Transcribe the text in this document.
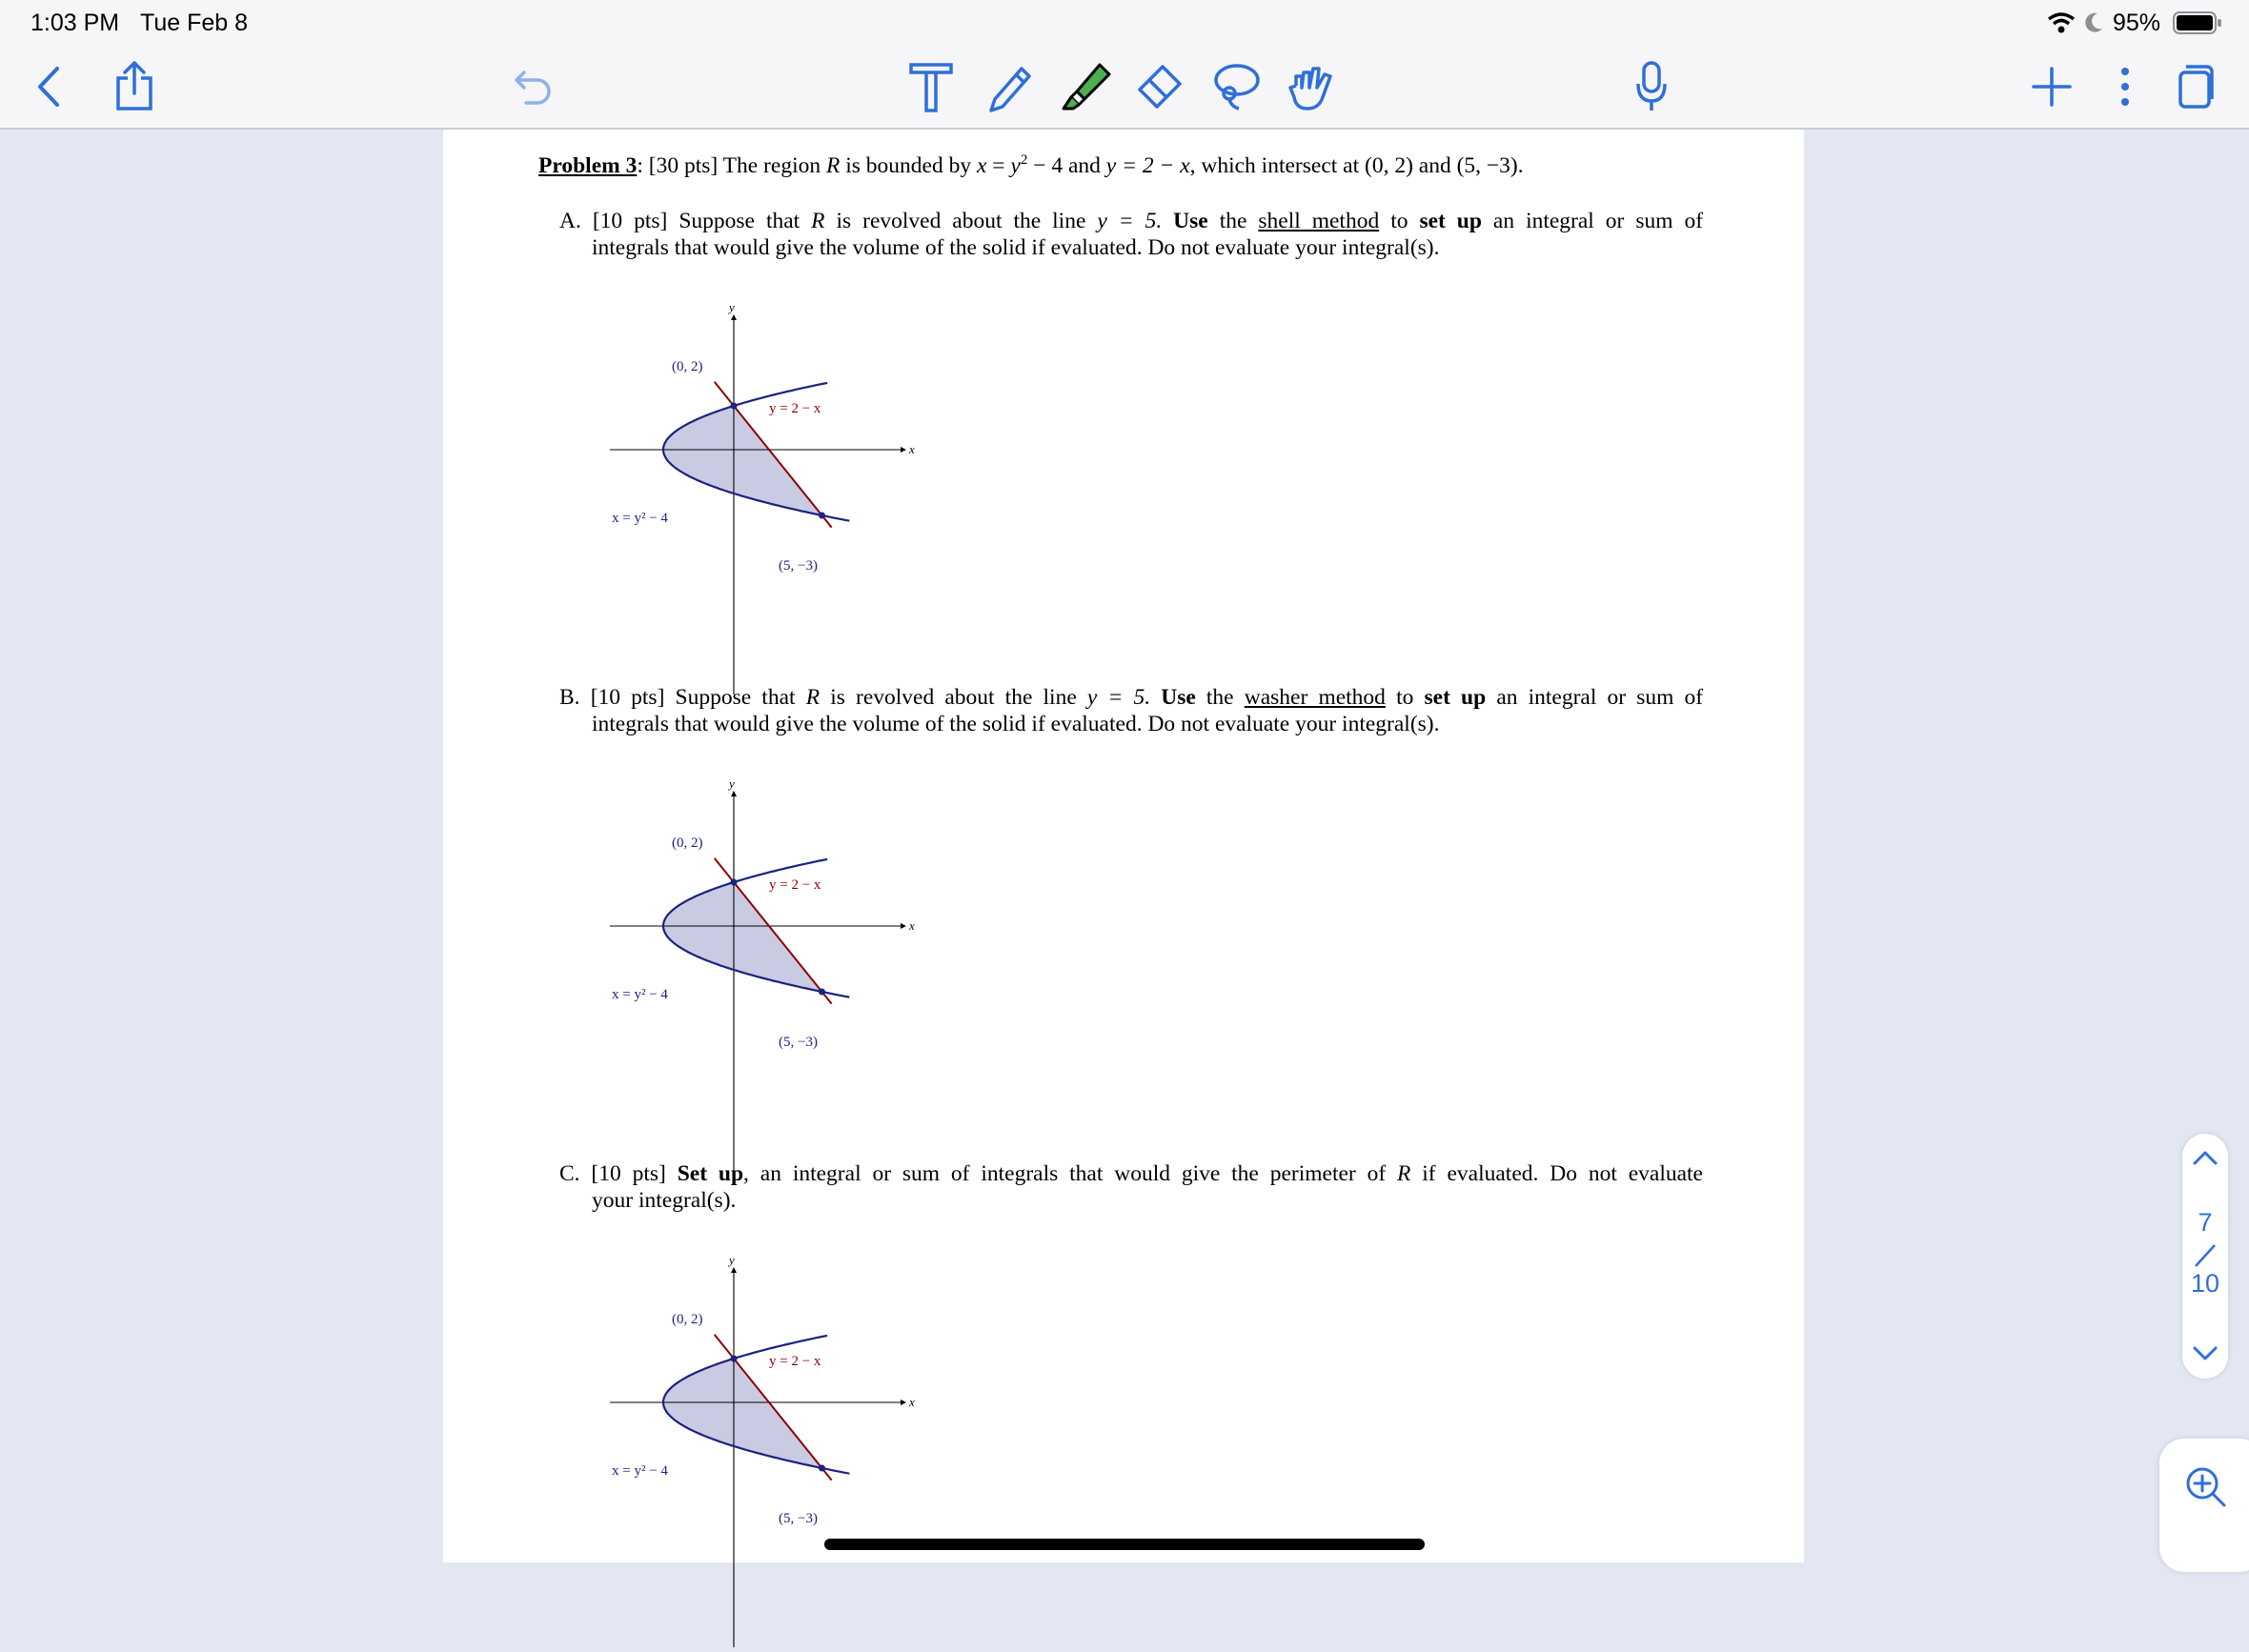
1:03 PM Tue Feb 8	95%
Problem 3: [30 pts] The region R is bounded by $x = y^2 - 4$ and y = 2 − x, which intersect at (0, 2) and (5, −3).
A. [10 pts] Suppose that R is revolved about the line y = 5. Use the shell method to set up an integral or sum of
integrals that would give the volume of the solid if evaluated. Do not evaluate your integral(s).
B. [10 pts] Suppose that R is revolved about the line y = 5. Use the washer method to set up an integral or sum of
integrals that would give the volume of the solid if evaluated. Do not evaluate your integral(s).
C. [10 pts] Set up, an integral or sum of integrals that would give the perimeter of R if evaluated. Do not evaluate
your integral(s).
(0, 2)
y = 2 − x
x = y² − 4
(5, −3)
x
y
(0, 2)
y = 2 − x
x = y² − 4
(5, −3)
x
y
(0, 2)
y = 2 − x
x = y² − 4
(5, −3)
x
y
7
10
